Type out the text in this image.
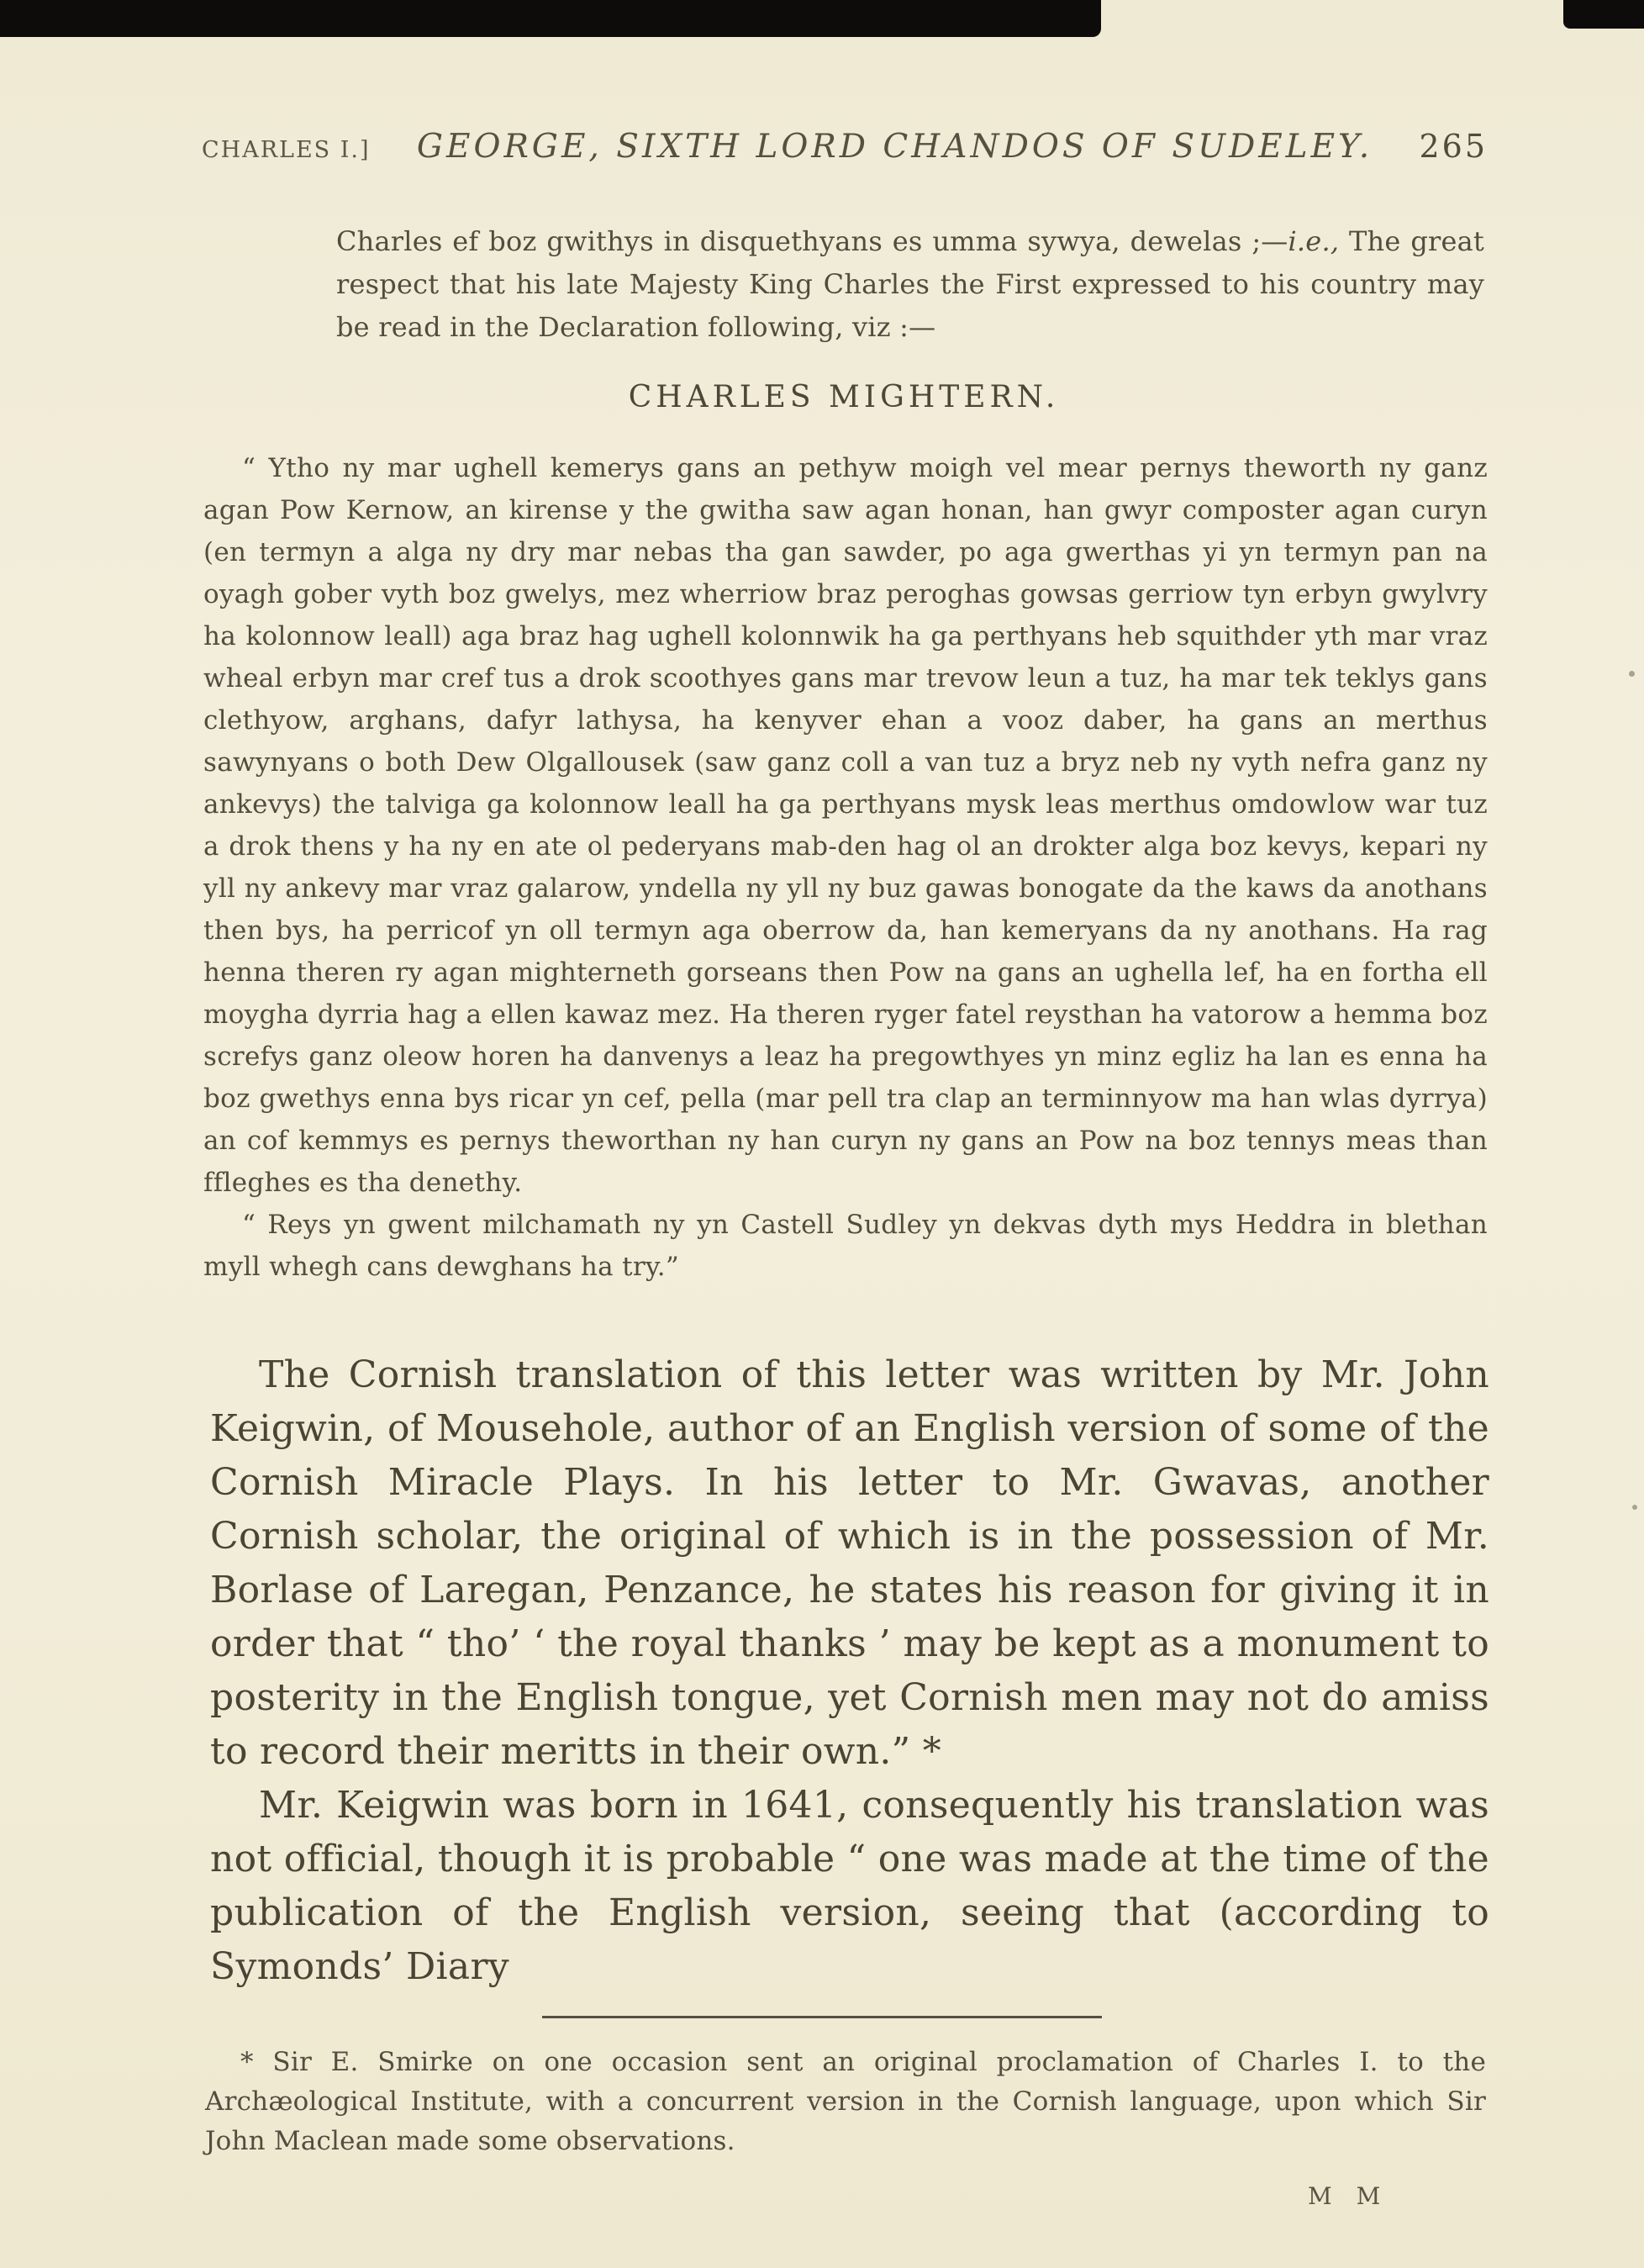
CHARLES I.]	GEORGE, SIXTH LORD CHANDOS OF SUDELEY.	265
Charles ef boz gwithys in disquethyans es umma sywya, dewelas ;—i.e., The great respect that his late Majesty King Charles the First expressed to his country may be read in the Declaration following, viz :—
CHARLES MIGHTERN.

“ Ytho ny mar ughell kemerys gans an pethyw moigh vel mear pernys theworth ny ganz agan Pow Kernow, an kirense y the gwitha saw agan honan, han gwyr composter agan curyn (en termyn a alga ny dry mar nebas tha gan sawder, po aga gwerthas yi yn termyn pan na oyagh gober vyth boz gwelys, mez wherriow braz peroghas gowsas gerriow tyn erbyn gwylvry ha kolonnow leall) aga braz hag ughell kolonnwik ha ga perthyans heb squithder yth mar vraz wheal erbyn mar cref tus a drok scoothyes gans mar trevow leun a tuz, ha mar tek teklys gans clethyow, arghans, dafyr lathysa, ha kenyver ehan a vooz daber, ha gans an merthus sawynyans o both Dew Olgallousek (saw ganz coll a van tuz a bryz neb ny vyth nefra ganz ny ankevys) the talviga ga kolonnow leall ha ga perthyans mysk leas merthus omdowlow war tuz a drok thens y ha ny en ate ol pederyans mab-den hag ol an drokter alga boz kevys, kepari ny yll ny ankevy mar vraz galarow, yndella ny yll ny buz gawas bonogate da the kaws da anothans then bys, ha perricof yn oll termyn aga oberrow da, han kemeryans da ny anothans. Ha rag henna theren ry agan mighterneth gorseans then Pow na gans an ughella lef, ha en fortha ell moygha dyrria hag a ellen kawaz mez. Ha theren ryger fatel reysthan ha vatorow a hemma boz screfys ganz oleow horen ha danvenys a leaz ha pregowthyes yn minz egliz ha lan es enna ha boz gwethys enna bys ricar yn cef, pella (mar pell tra clap an terminnyow ma han wlas dyrrya) an cof kemmys es pernys theworthan ny han curyn ny gans an Pow na boz tennys meas than ffleghes es tha denethy.

“ Reys yn gwent milchamath ny yn Castell Sudley yn dekvas dyth mys Heddra in blethan myll whegh cans dewghans ha try.”

The Cornish translation of this letter was written by Mr. John Keigwin, of Mousehole, author of an English version of some of the Cornish Miracle Plays. In his letter to Mr. Gwavas, another Cornish scholar, the original of which is in the possession of Mr. Borlase of Laregan, Penzance, he states his reason for giving it in order that “ tho’ ‘ the royal thanks ’ may be kept as a monument to posterity in the English tongue, yet Cornish men may not do amiss to record their meritts in their own.” *

Mr. Keigwin was born in 1641, consequently his translation was not official, though it is probable “ one was made at the time of the publication of the English version, seeing that (according to Symonds’ Diary

* Sir E. Smirke on one occasion sent an original proclamation of Charles I. to the Archæological Institute, with a concurrent version in the Cornish language, upon which Sir John Maclean made some observations.

M M
